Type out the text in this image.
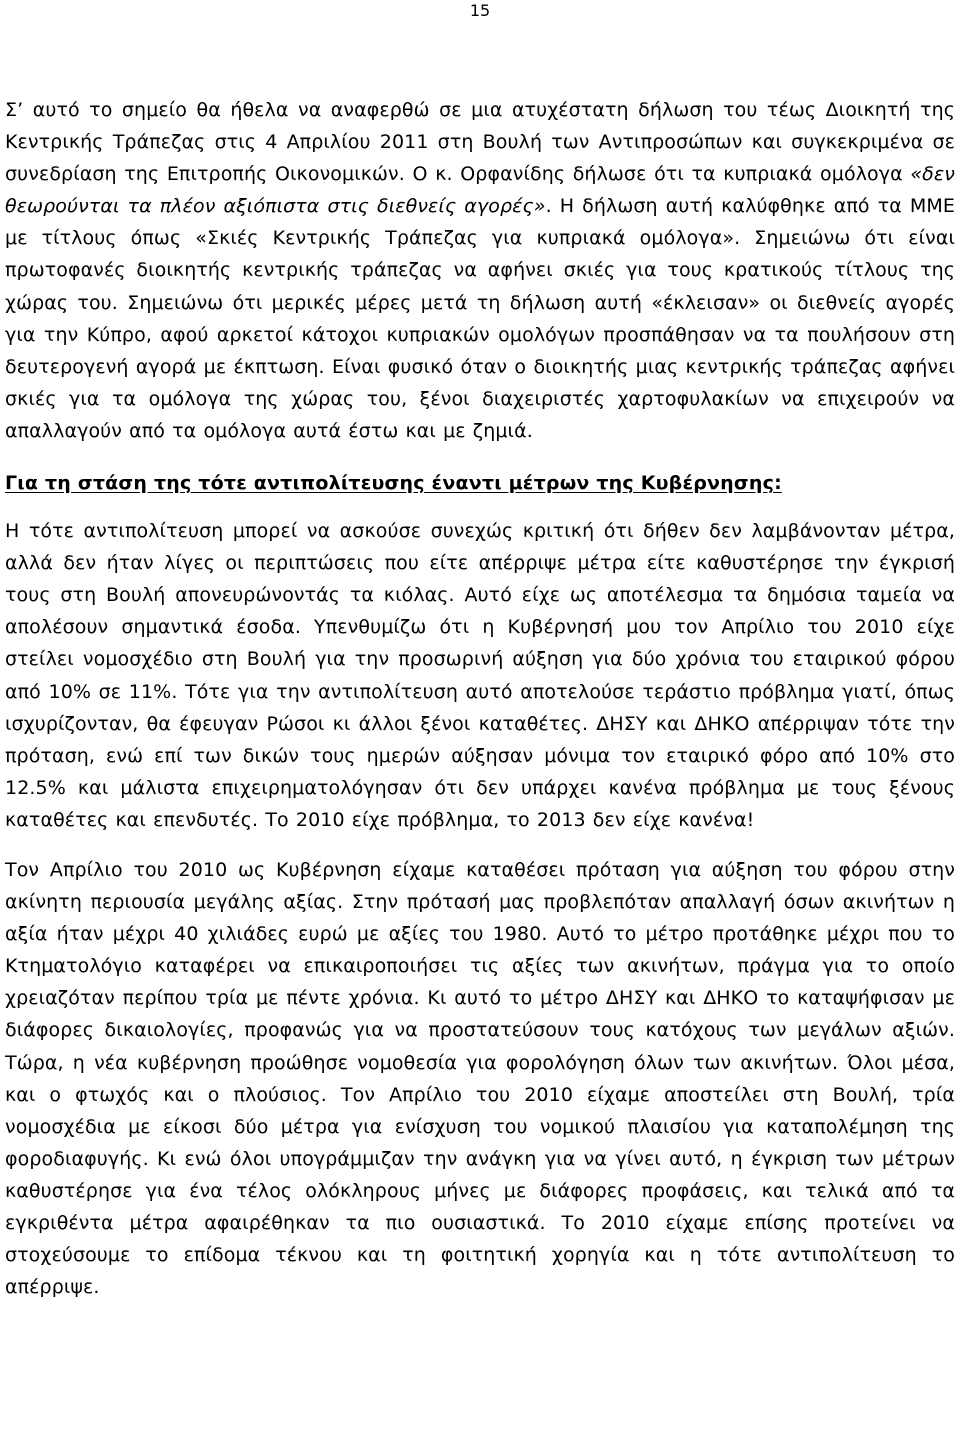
15

Σ’ αυτό το σημείο θα ήθελα να αναφερθώ σε μια ατυχέστατη δήλωση του τέως Διοικητή της Κεντρικής Τράπεζας στις 4 Απριλίου 2011 στη Βουλή των Αντιπροσώπων και συγκεκριμένα σε συνεδρίαση της Επιτροπής Οικονομικών. Ο κ. Ορφανίδης δήλωσε ότι τα κυπριακά ομόλογα «δεν θεωρούνται τα πλέον αξιόπιστα στις διεθνείς αγορές». Η δήλωση αυτή καλύφθηκε από τα ΜΜΕ με τίτλους όπως «Σκιές Κεντρικής Τράπεζας για κυπριακά ομόλογα». Σημειώνω ότι είναι πρωτοφανές διοικητής κεντρικής τράπεζας να αφήνει σκιές για τους κρατικούς τίτλους της χώρας του. Σημειώνω ότι μερικές μέρες μετά τη δήλωση αυτή «έκλεισαν» οι διεθνείς αγορές για την Κύπρο, αφού αρκετοί κάτοχοι κυπριακών ομολόγων προσπάθησαν να τα πουλήσουν στη δευτερογενή αγορά με έκπτωση. Είναι φυσικό όταν ο διοικητής μιας κεντρικής τράπεζας αφήνει σκιές για τα ομόλογα της χώρας του, ξένοι διαχειριστές χαρτοφυλακίων να επιχειρούν να απαλλαγούν από τα ομόλογα αυτά έστω και με ζημιά.

Για τη στάση της τότε αντιπολίτευσης έναντι μέτρων της Κυβέρνησης:

Η τότε αντιπολίτευση μπορεί να ασκούσε συνεχώς κριτική ότι δήθεν δεν λαμβάνονταν μέτρα, αλλά δεν ήταν λίγες οι περιπτώσεις που είτε απέρριψε μέτρα είτε καθυστέρησε την έγκρισή τους στη Βουλή απονευρώνοντάς τα κιόλας. Αυτό είχε ως αποτέλεσμα τα δημόσια ταμεία να απολέσουν σημαντικά έσοδα. Υπενθυμίζω ότι η Κυβέρνησή μου τον Απρίλιο του 2010 είχε στείλει νομοσχέδιο στη Βουλή για την προσωρινή αύξηση για δύο χρόνια του εταιρικού φόρου από 10% σε 11%. Τότε για την αντιπολίτευση αυτό αποτελούσε τεράστιο πρόβλημα γιατί, όπως ισχυρίζονταν, θα έφευγαν Ρώσοι κι άλλοι ξένοι καταθέτες. ΔΗΣΥ και ΔΗΚΟ απέρριψαν τότε την πρόταση, ενώ επί των δικών τους ημερών αύξησαν μόνιμα τον εταιρικό φόρο από 10% στο 12.5% και μάλιστα επιχειρηματολόγησαν ότι δεν υπάρχει κανένα πρόβλημα με τους ξένους καταθέτες και επενδυτές. Το 2010 είχε πρόβλημα, το 2013 δεν είχε κανένα!

Τον Απρίλιο του 2010 ως Κυβέρνηση είχαμε καταθέσει πρόταση για αύξηση του φόρου στην ακίνητη περιουσία μεγάλης αξίας. Στην πρότασή μας προβλεπόταν απαλλαγή όσων ακινήτων η αξία ήταν μέχρι 40 χιλιάδες ευρώ με αξίες του 1980. Αυτό το μέτρο προτάθηκε μέχρι που το Κτηματολόγιο καταφέρει να επικαιροποιήσει τις αξίες των ακινήτων, πράγμα για το οποίο χρειαζόταν περίπου τρία με πέντε χρόνια. Κι αυτό το μέτρο ΔΗΣΥ και ΔΗΚΟ το καταψήφισαν με διάφορες δικαιολογίες, προφανώς για να προστατεύσουν τους κατόχους των μεγάλων αξιών. Τώρα, η νέα κυβέρνηση προώθησε νομοθεσία για φορολόγηση όλων των ακινήτων. Όλοι μέσα, και ο φτωχός και ο πλούσιος. Τον Απρίλιο του 2010 είχαμε αποστείλει στη Βουλή, τρία νομοσχέδια με είκοσι δύο μέτρα για ενίσχυση του νομικού πλαισίου για καταπολέμηση της φοροδιαφυγής. Κι ενώ όλοι υπογράμμιζαν την ανάγκη για να γίνει αυτό, η έγκριση των μέτρων καθυστέρησε για ένα τέλος ολόκληρους μήνες με διάφορες προφάσεις, και τελικά από τα εγκριθέντα μέτρα αφαιρέθηκαν τα πιο ουσιαστικά. Το 2010 είχαμε επίσης προτείνει να στοχεύσουμε το επίδομα τέκνου και τη φοιτητική χορηγία και η τότε αντιπολίτευση το απέρριψε.
